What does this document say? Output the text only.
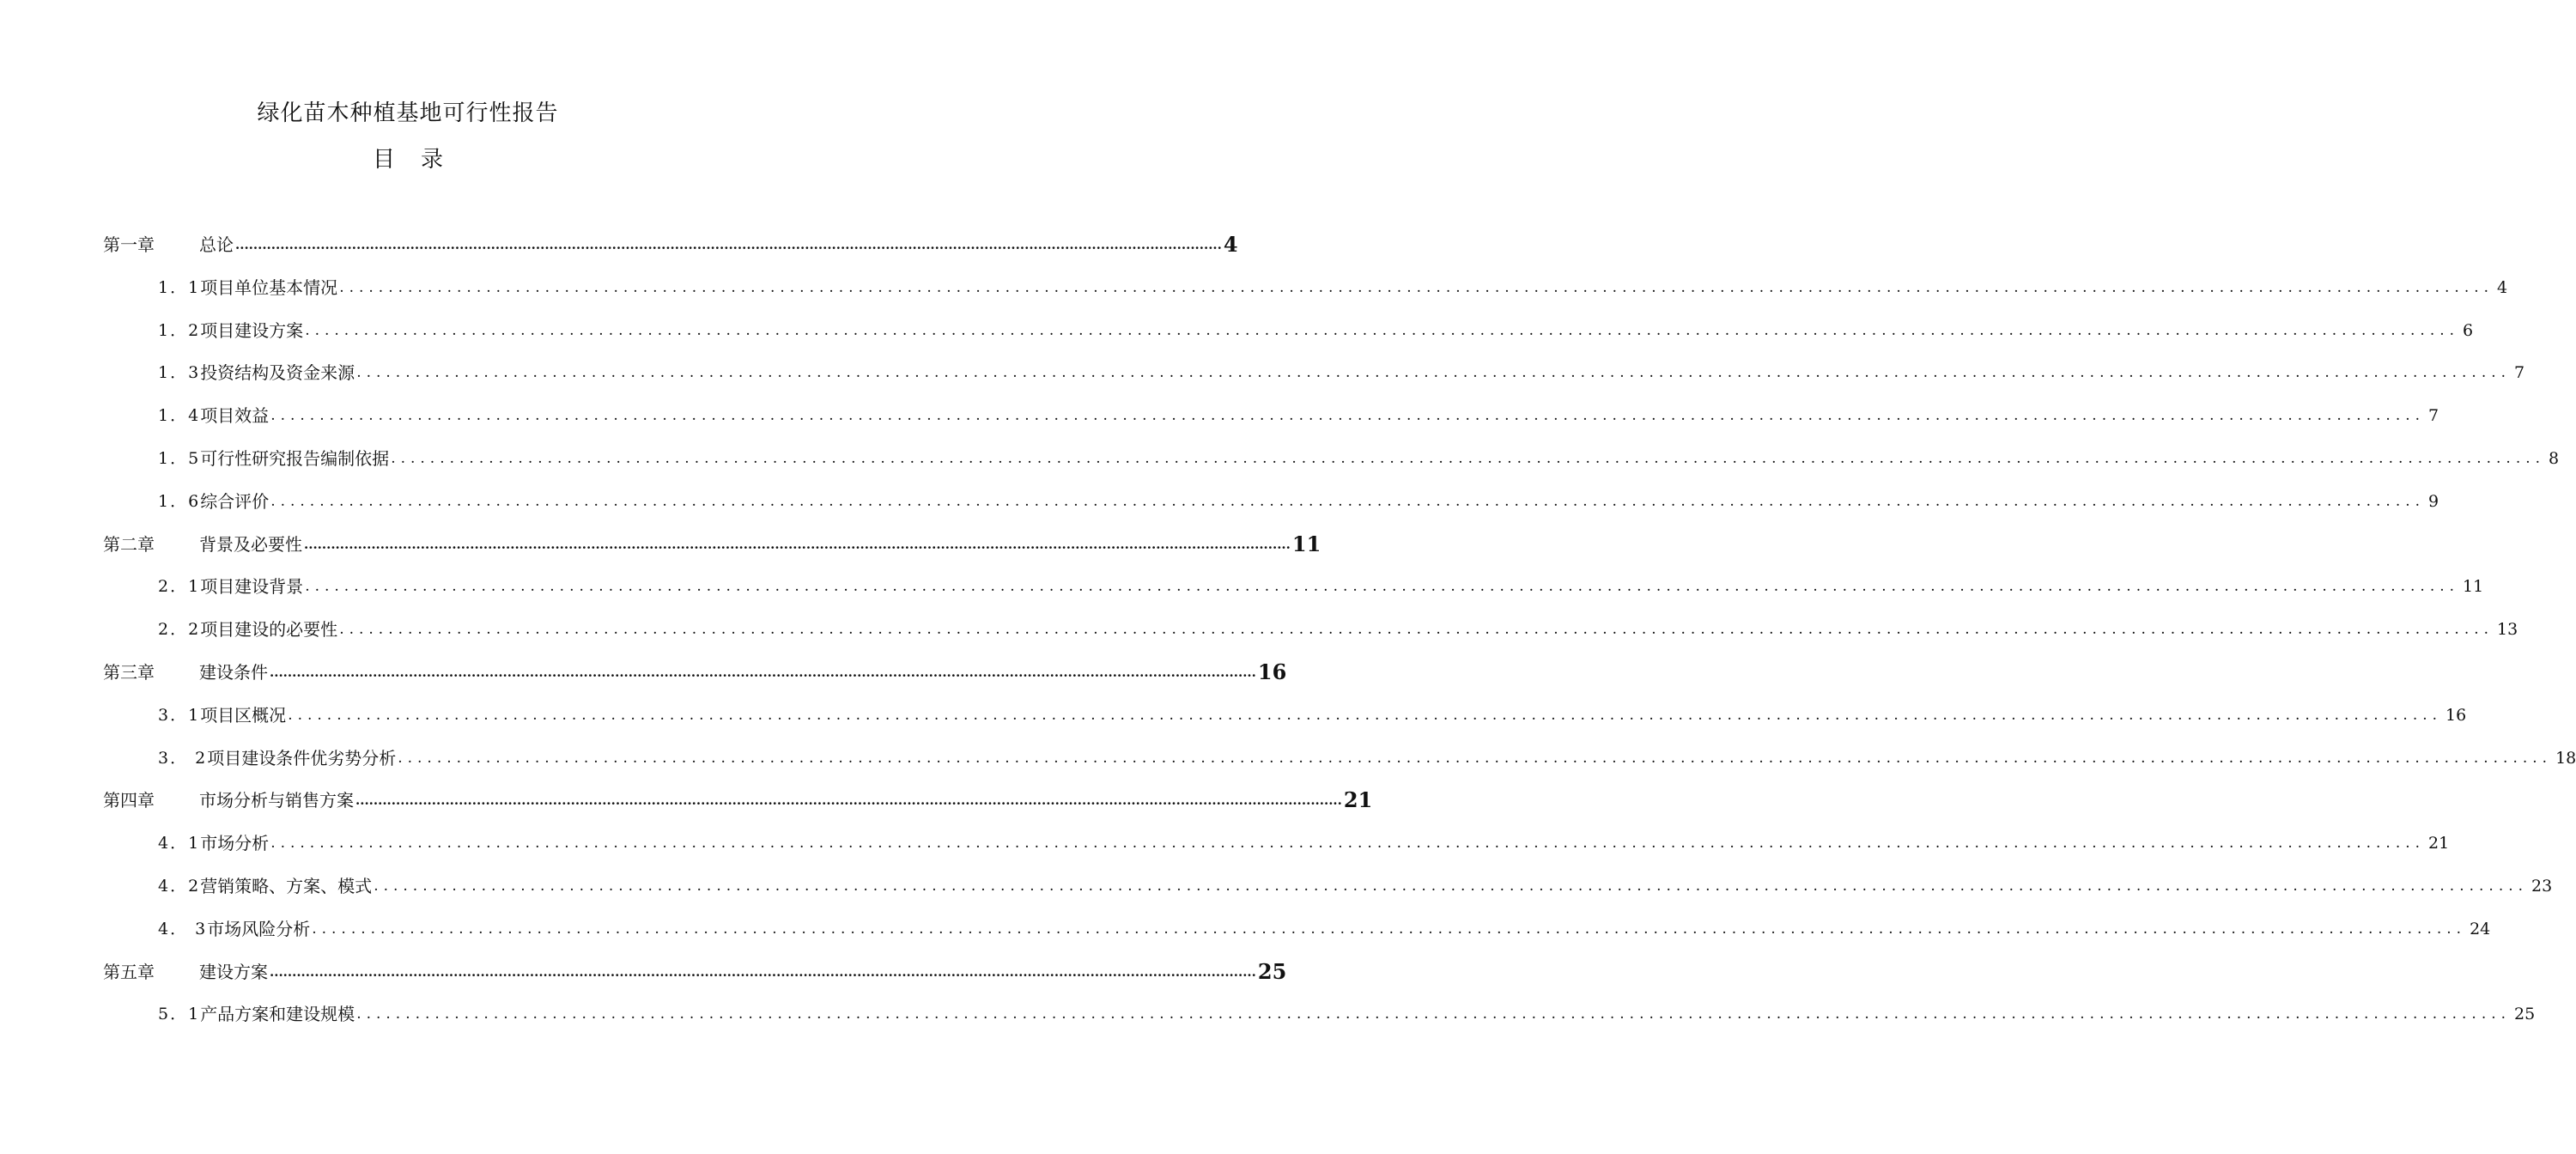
绿化苗木种植基地可行性报告
目 录
第一章	总论 ............................................................................................................................................................................................................................ 4
1．1 项目单位基本情况 ............................................................................................................................................................................................................................ 4
1．2 项目建设方案 ............................................................................................................................................................................................................................ 6
1．3 投资结构及资金来源 ............................................................................................................................................................................................................................ 7
1．4 项目效益 ............................................................................................................................................................................................................................ 7
1．5 可行性研究报告编制依据 ............................................................................................................................................................................................................................ 8
1．6 综合评价 ............................................................................................................................................................................................................................ 9
第二章	背景及必要性 ............................................................................................................................................................................................................................ 11
2．1 项目建设背景 ............................................................................................................................................................................................................................ 11
2．2 项目建设的必要性 ............................................................................................................................................................................................................................ 13
第三章	建设条件 ............................................................................................................................................................................................................................ 16
3．1 项目区概况 ............................................................................................................................................................................................................................ 16
3． 2 项目建设条件优劣势分析 ............................................................................................................................................................................................................................ 18
第四章	市场分析与销售方案 ............................................................................................................................................................................................................................ 21
4．1 市场分析 ............................................................................................................................................................................................................................ 21
4．2 营销策略、方案、模式 ............................................................................................................................................................................................................................ 23
4． 3 市场风险分析 ............................................................................................................................................................................................................................ 24
第五章	建设方案 ............................................................................................................................................................................................................................ 25
5．1 产品方案和建设规模 ............................................................................................................................................................................................................................ 25
